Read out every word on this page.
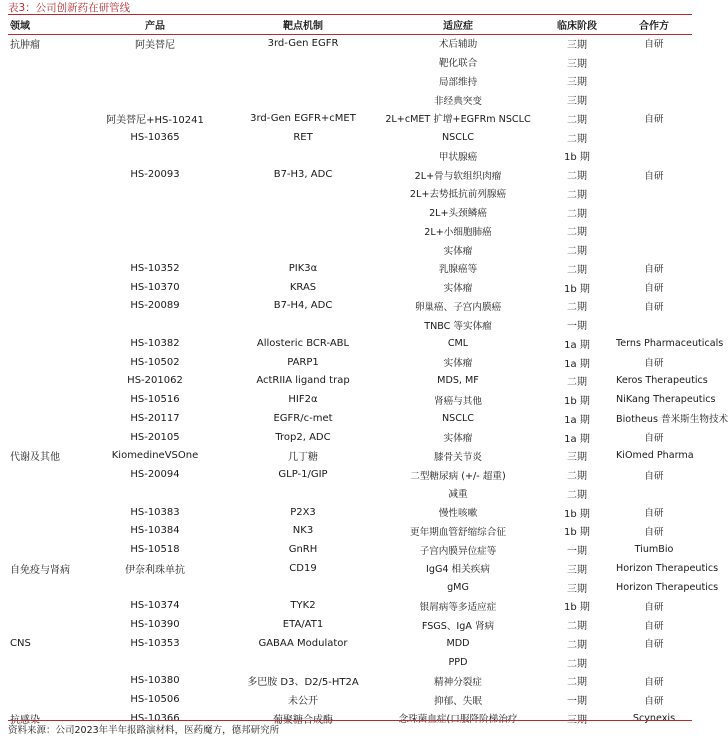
表3：公司创新药在研管线
领域	产品	靶点机制	适应症	临床阶段	合作方
抗肿瘤	阿美替尼	3rd-Gen EGFR	术后辅助	三期	自研
			靶化联合	三期	
			局部维持	三期	
			非经典突变	三期	
	阿美替尼+HS-10241	3rd-Gen EGFR+cMET	2L+cMET 扩增+EGFRm NSCLC	二期	自研
	HS-10365	RET	NSCLC	二期	
			甲状腺癌	1b 期	
	HS-20093	B7-H3, ADC	2L+骨与软组织肉瘤	二期	自研
			2L+去势抵抗前列腺癌	二期	
			2L+头颈鳞癌	二期	
			2L+小细胞肺癌	二期	
			实体瘤	二期	
	HS-10352	PIK3α	乳腺癌等	二期	自研
	HS-10370	KRAS	实体瘤	1b 期	自研
	HS-20089	B7-H4, ADC	卵巢癌、子宫内膜癌	二期	自研
			TNBC 等实体瘤	一期	
	HS-10382	Allosteric BCR-ABL	CML	1a 期	Terns Pharmaceuticals
	HS-10502	PARP1	实体瘤	1a 期	自研
	HS-201062	ActRIIA ligand trap	MDS, MF	二期	Keros Therapeutics
	HS-10516	HIF2α	肾癌与其他	1b 期	NiKang Therapeutics
	HS-20117	EGFR/c-met	NSCLC	1a 期	Biotheus 普米斯生物技术
	HS-20105	Trop2, ADC	实体瘤	1a 期	自研
代谢及其他	KiomedineVSOne	几丁糖	膝骨关节炎	三期	KiOmed Pharma
	HS-20094	GLP-1/GIP	二型糖尿病 (+/- 超重)	二期	自研
			减重	二期	
	HS-10383	P2X3	慢性咳嗽	1b 期	自研
	HS-10384	NK3	更年期血管舒缩综合征	1b 期	自研
	HS-10518	GnRH	子宫内膜异位症等	一期	TiumBio
自免疫与肾病	伊奈利珠单抗	CD19	IgG4 相关疾病	三期	Horizon Therapeutics
			gMG	三期	Horizon Therapeutics
	HS-10374	TYK2	银屑病等多适应症	1b 期	自研
	HS-10390	ETA/AT1	FSGS、IgA 肾病	二期	自研
CNS	HS-10353	GABAA Modulator	MDD	二期	自研
			PPD	二期	
	HS-10380	多巴胺 D3、D2/5-HT2A	精神分裂症	二期	自研
	HS-10506	未公开	抑郁、失眠	一期	自研
抗感染	HS-10366	葡聚糖合成酶	念珠菌血症(口服降阶梯治疗	三期	Scynexis
资料来源：公司2023年半年报路演材料，医药魔方，德邦研究所
